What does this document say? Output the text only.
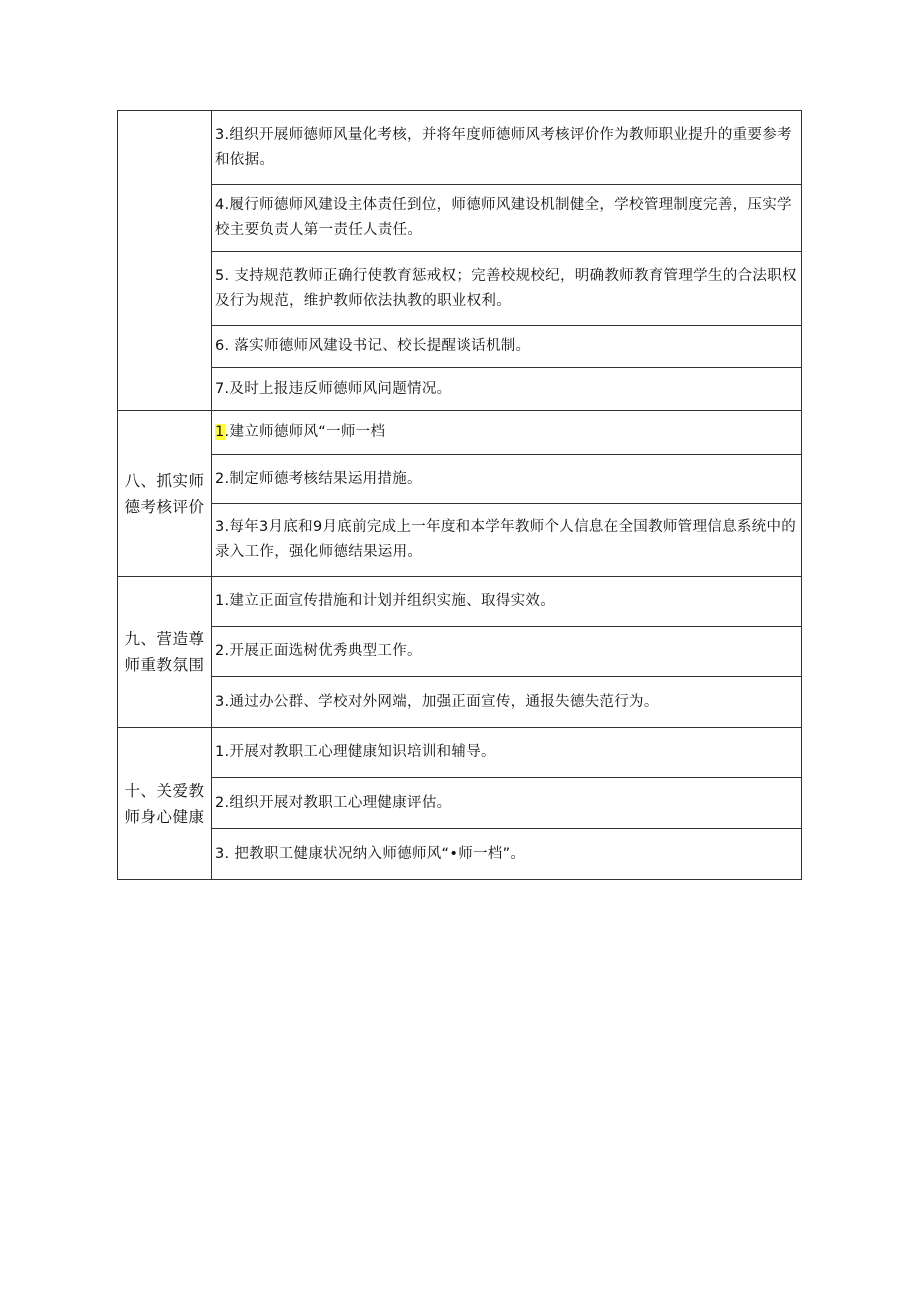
	3.组织开展师德师风量化考核，并将年度师德师风考核评价作为教师职业提升的重要参考和依据。
	4.履行师德师风建设主体责任到位，师德师风建设机制健全，学校管理制度完善，压实学校主要负责人第一责任人责任。
	5. 支持规范教师正确行使教育惩戒权；完善校规校纪，明确教师教育管理学生的合法职权及行为规范，维护教师依法执教的职业权利。
	6. 落实师德师风建设书记、校长提醒谈话机制。
	7.及时上报违反师德师风问题情况。
八、抓实师德考核评价	1.建立师德师风“一师一档
	2.制定师德考核结果运用措施。
	3.每年3月底和9月底前完成上一年度和本学年教师个人信息在全国教师管理信息系统中的录入工作，强化师德结果运用。
九、营造尊师重教氛围	1.建立正面宣传措施和计划并组织实施、取得实效。
	2.开展正面选树优秀典型工作。
	3.通过办公群、学校对外网端，加强正面宣传，通报失德失范行为。
十、关爱教师身心健康	1.开展对教职工心理健康知识培训和辅导。
	2.组织开展对教职工心理健康评估。
	3. 把教职工健康状况纳入师德师风“•师一档”。
